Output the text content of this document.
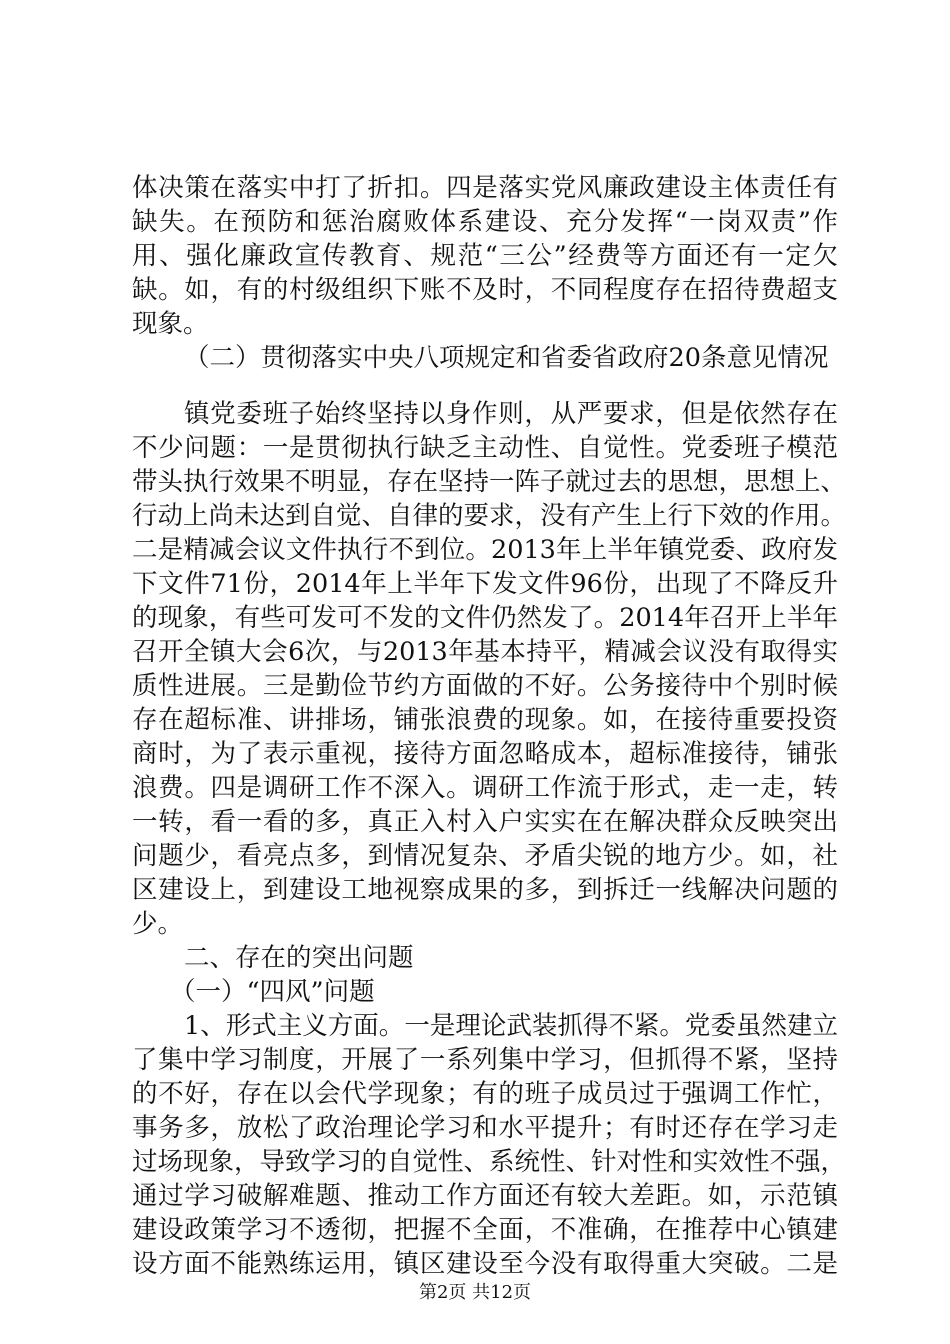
体决策在落实中打了折扣。四是落实党风廉政建设主体责任有
缺失。在预防和惩治腐败体系建设、充分发挥“一岗双责”作
用、强化廉政宣传教育、规范“三公”经费等方面还有一定欠
缺。如，有的村级组织下账不及时，不同程度存在招待费超支
现象。
（二）贯彻落实中央八项规定和省委省政府20条意见情况
镇党委班子始终坚持以身作则，从严要求，但是依然存在
不少问题：一是贯彻执行缺乏主动性、自觉性。党委班子模范
带头执行效果不明显，存在坚持一阵子就过去的思想，思想上、
行动上尚未达到自觉、自律的要求，没有产生上行下效的作用。
二是精减会议文件执行不到位。2013年上半年镇党委、政府发
下文件71份，2014年上半年下发文件96份，出现了不降反升
的现象，有些可发可不发的文件仍然发了。2014年召开上半年
召开全镇大会6次，与2013年基本持平，精减会议没有取得实
质性进展。三是勤俭节约方面做的不好。公务接待中个别时候
存在超标准、讲排场，铺张浪费的现象。如，在接待重要投资
商时，为了表示重视，接待方面忽略成本，超标准接待，铺张
浪费。四是调研工作不深入。调研工作流于形式，走一走，转
一转，看一看的多，真正入村入户实实在在解决群众反映突出
问题少，看亮点多，到情况复杂、矛盾尖锐的地方少。如，社
区建设上，到建设工地视察成果的多，到拆迁一线解决问题的
少。
二、存在的突出问题
（一）“四风”问题
1、形式主义方面。一是理论武装抓得不紧。党委虽然建立
了集中学习制度，开展了一系列集中学习，但抓得不紧，坚持
的不好，存在以会代学现象；有的班子成员过于强调工作忙，
事务多，放松了政治理论学习和水平提升；有时还存在学习走
过场现象，导致学习的自觉性、系统性、针对性和实效性不强，
通过学习破解难题、推动工作方面还有较大差距。如，示范镇
建设政策学习不透彻，把握不全面，不准确，在推荐中心镇建
设方面不能熟练运用，镇区建设至今没有取得重大突破。二是
第2页 共12页
